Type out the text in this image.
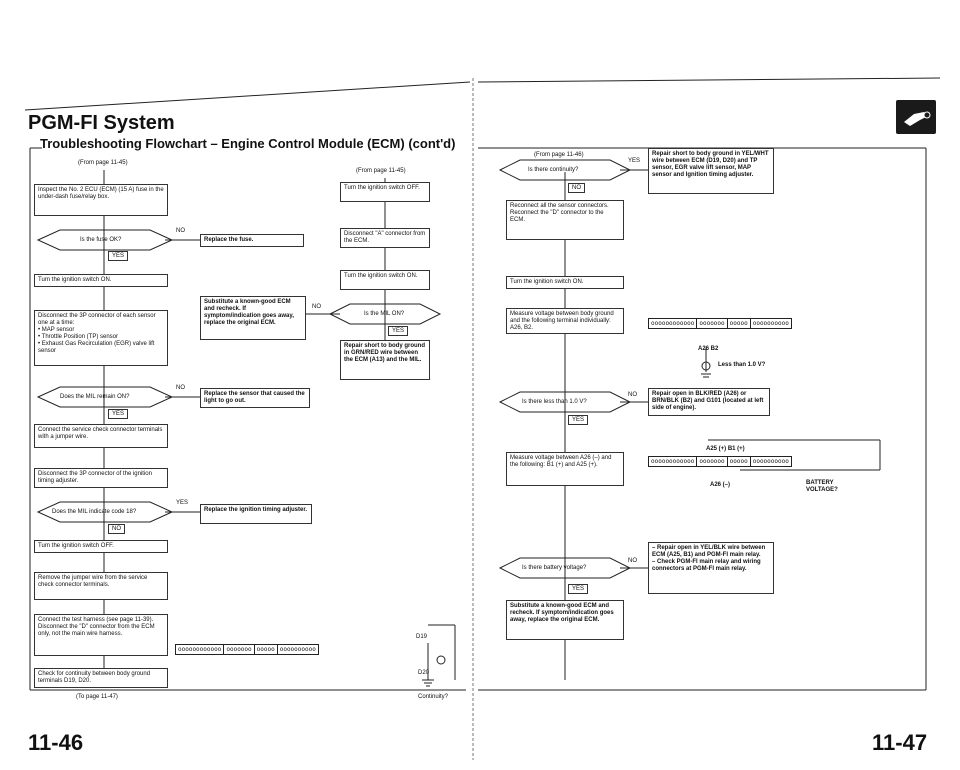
PGM-FI System
Troubleshooting Flowchart – Engine Control Module (ECM) (cont'd)
(From page 11-45)
Inspect the No. 2 ECU (ECM) (15 A) fuse in the under-dash fuse/relay box.
Is the fuse OK?
NO
Replace the fuse.
YES
Turn the ignition switch ON.
Disconnect the 3P connector of each sensor one at a time:
• MAP sensor
• Throttle Position (TP) sensor
• Exhaust Gas Recirculation (EGR) valve lift sensor
Substitute a known-good ECM and recheck. If symptom/indication goes away, replace the original ECM.
Does the MIL remain ON?
NO
Replace the sensor that caused the light to go out.
YES
Connect the service check connector terminals with a jumper wire.
Disconnect the 3P connector of the ignition timing adjuster.
Does the MIL indicate code 18?
YES
Replace the ignition timing adjuster.
NO
Turn the ignition switch OFF.
Remove the jumper wire from the service check connector terminals.
Connect the test harness (see page 11-39).
Disconnect the "D" connector from the ECM only, not the main wire harness.
Check for continuity between body ground terminals D19, D20.
(To page 11-47)
(From page 11-45)
Turn the ignition switch OFF.
Disconnect "A" connector from the ECM.
Turn the ignition switch ON.
Is the MIL ON?
NO
YES
Repair short to body ground in GRN/RED wire between the ECM (A13) and the MIL.
D19
oooooooooooo ooooooo ooooo oooooooooo
D20
Continuity?
11-46
(From page 11-46)
Is there continuity?
YES
Repair short to body ground in YEL/WHT wire between ECM (D19, D20) and TP sensor, EGR valve lift sensor, MAP sensor and Ignition timing adjuster.
NO
Reconnect all the sensor connectors.
Reconnect the "D" connector to the ECM.
Turn the ignition switch ON.
Measure voltage between body ground and the following terminal individually: A26, B2.
oooooooooooo ooooooo ooooo oooooooooo
A26 B2
Less than 1.0 V?
Is there less than 1.0 V?
NO	Repair open in BLK/RED (A26) or BRN/BLK (B2) and G101 (located at left side of engine).
YES
Measure voltage between A26 (–) and the following: B1 (+) and A25 (+).
A25 (+) B1 (+)
oooooooooooo ooooooo ooooo oooooooooo
A26 (–)	BATTERY
VOLTAGE?
Is there battery voltage?
NO
– Repair open in YEL/BLK wire between ECM (A25, B1) and PGM-FI main relay.
– Check PGM-FI main relay and wiring connectors at PGM-FI main relay.
YES
Substitute a known-good ECM and recheck. If symptom/indication goes away, replace the original ECM.
11-47
